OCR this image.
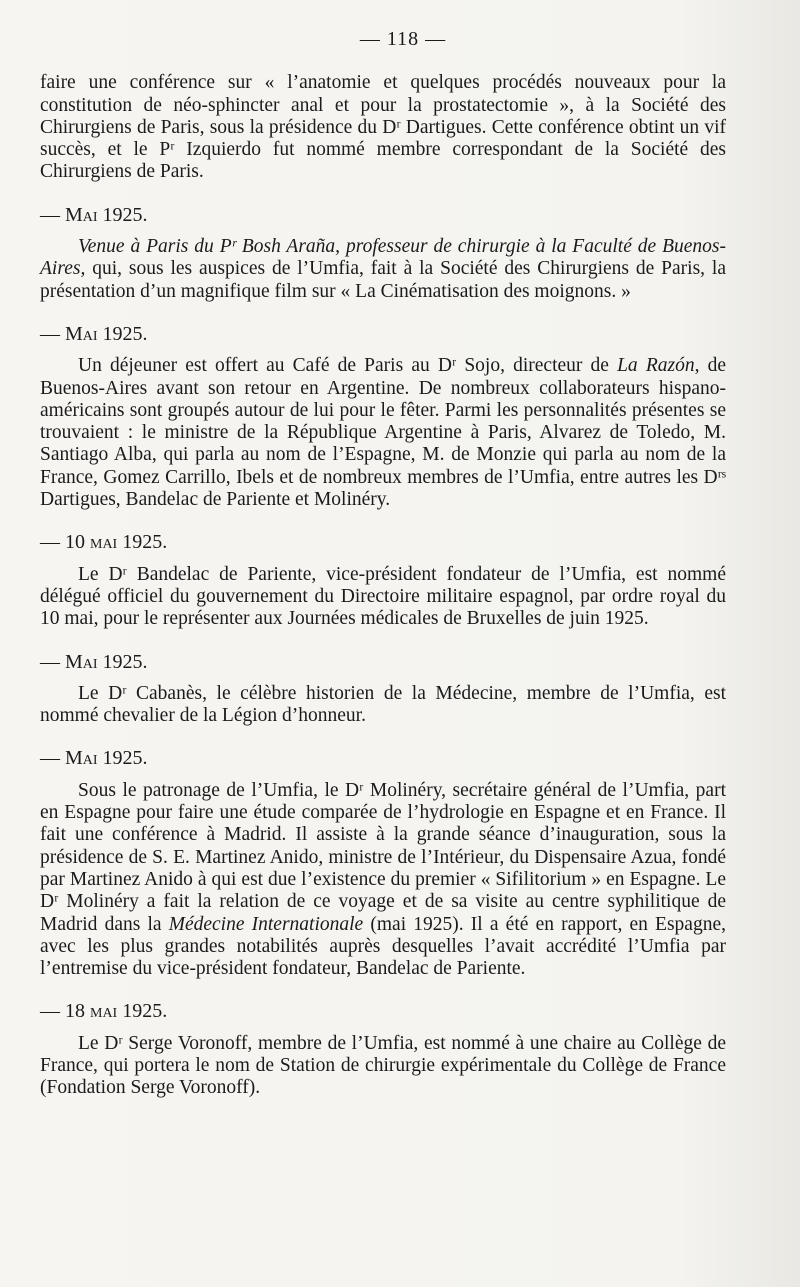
— 118 —

faire une conférence sur « l’anatomie et quelques procédés nouveaux pour la constitution de néo-sphincter anal et pour la prostatectomie », à la Société des Chirurgiens de Paris, sous la présidence du Dʳ Dartigues. Cette conférence obtint un vif succès, et le Pʳ Izquierdo fut nommé membre correspondant de la Société des Chirurgiens de Paris.

— Mai 1925.

Venue à Paris du Pʳ Bosh Araña, professeur de chirurgie à la Faculté de Buenos-Aires, qui, sous les auspices de l’Umfia, fait à la Société des Chirurgiens de Paris, la présentation d’un magnifique film sur « La Cinématisation des moignons. »

— Mai 1925.

Un déjeuner est offert au Café de Paris au Dʳ Sojo, directeur de La Razón, de Buenos-Aires avant son retour en Argentine. De nombreux collaborateurs hispano-américains sont groupés autour de lui pour le fêter. Parmi les personnalités présentes se trouvaient : le ministre de la République Argentine à Paris, Alvarez de Toledo, M. Santiago Alba, qui parla au nom de l’Espagne, M. de Monzie qui parla au nom de la France, Gomez Carrillo, Ibels et de nombreux membres de l’Umfia, entre autres les Dʳˢ Dartigues, Bandelac de Pariente et Molinéry.

— 10 mai 1925.

Le Dʳ Bandelac de Pariente, vice-président fondateur de l’Umfia, est nommé délégué officiel du gouvernement du Directoire militaire espagnol, par ordre royal du 10 mai, pour le représenter aux Journées médicales de Bruxelles de juin 1925.

— Mai 1925.

Le Dʳ Cabanès, le célèbre historien de la Médecine, membre de l’Umfia, est nommé chevalier de la Légion d’honneur.

— Mai 1925.

Sous le patronage de l’Umfia, le Dʳ Molinéry, secrétaire général de l’Umfia, part en Espagne pour faire une étude comparée de l’hydrologie en Espagne et en France. Il fait une conférence à Madrid. Il assiste à la grande séance d’inauguration, sous la présidence de S. E. Martinez Anido, ministre de l’Intérieur, du Dispensaire Azua, fondé par Martinez Anido à qui est due l’existence du premier « Sifilitorium » en Espagne. Le Dʳ Molinéry a fait la relation de ce voyage et de sa visite au centre syphilitique de Madrid dans la Médecine Internationale (mai 1925). Il a été en rapport, en Espagne, avec les plus grandes notabilités auprès desquelles l’avait accrédité l’Umfia par l’entremise du vice-président fondateur, Bandelac de Pariente.

— 18 mai 1925.

Le Dʳ Serge Voronoff, membre de l’Umfia, est nommé à une chaire au Collège de France, qui portera le nom de Station de chirurgie expérimentale du Collège de France (Fondation Serge Voronoff).
